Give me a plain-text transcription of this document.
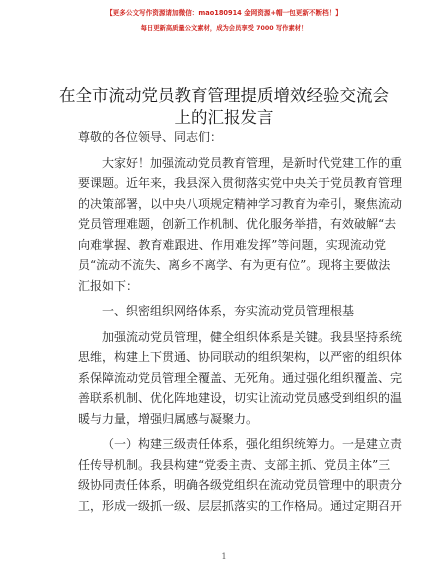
【更多公文写作资源请加微信：mao180914 金网资源+帽一包更新不断档！】
每日更新高质量公文素材，成为会员享受 7000 写作素材！
在全市流动党员教育管理提质增效经验交流会
上的汇报发言

尊敬的各位领导、同志们：

大家好！加强流动党员教育管理，是新时代党建工作的重
要课题。近年来，我县深入贯彻落实党中央关于党员教育管理
的决策部署，以中央八项规定精神学习教育为牵引，聚焦流动
党员管理难题，创新工作机制、优化服务举措，有效破解“去
向难掌握、教育难跟进、作用难发挥”等问题，实现流动党
员“流动不流失、离乡不离学、有为更有位”。现将主要做法
汇报如下：

一、织密组织网络体系，夯实流动党员管理根基

加强流动党员管理，健全组织体系是关键。我县坚持系统
思维，构建上下贯通、协同联动的组织架构，以严密的组织体
系保障流动党员管理全覆盖、无死角。通过强化组织覆盖、完
善联系机制、优化阵地建设，切实让流动党员感受到组织的温
暖与力量，增强归属感与凝聚力。

（一）构建三级责任体系，强化组织统筹力。一是建立责
任传导机制。我县构建“党委主责、支部主抓、党员主体”三
级协同责任体系，明确各级党组织在流动党员管理中的职责分
工，形成一级抓一级、层层抓落实的工作格局。通过定期召开

1
